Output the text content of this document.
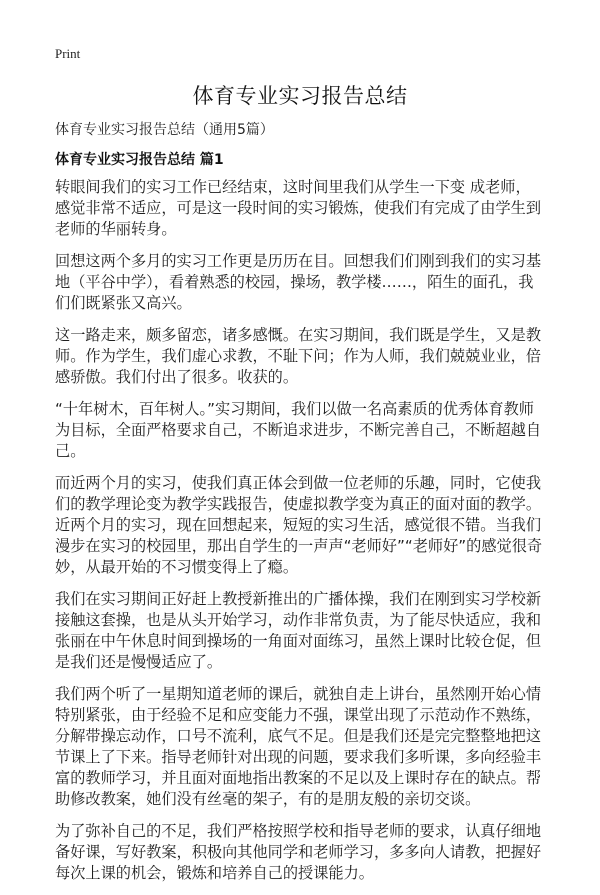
Print
体育专业实习报告总结
体育专业实习报告总结（通用5篇）
体育专业实习报告总结 篇1

转眼间我们的实习工作已经结束，这时间里我们从学生一下变 成老师，感觉非常不适应，可是这一段时间的实习锻炼，使我们有完成了由学生到老师的华丽转身。

回想这两个多月的实习工作更是历历在目。回想我们们刚到我们的实习基地（平谷中学），看着熟悉的校园，操场，教学楼……，陌生的面孔，我们们既紧张又高兴。

这一路走来，颇多留恋，诸多感慨。在实习期间，我们既是学生，又是教师。作为学生，我们虚心求教，不耻下问；作为人师，我们兢兢业业，倍感骄傲。我们付出了很多。收获的。

“十年树木，百年树人。”实习期间，我们以做一名高素质的优秀体育教师为目标，全面严格要求自己，不断追求进步，不断完善自己，不断超越自己。

而近两个月的实习，使我们真正体会到做一位老师的乐趣，同时，它使我们的教学理论变为教学实践报告，使虚拟教学变为真正的面对面的教学。近两个月的实习，现在回想起来，短短的实习生活，感觉很不错。当我们漫步在实习的校园里，那出自学生的一声声“老师好”“老师好”的感觉很奇妙，从最开始的不习惯变得上了瘾。

我们在实习期间正好赶上教授新推出的广播体操，我们在刚到实习学校新接触这套操，也是从头开始学习，动作非常负责，为了能尽快适应，我和张丽在中午休息时间到操场的一角面对面练习，虽然上课时比较仓促，但是我们还是慢慢适应了。

我们两个听了一星期知道老师的课后，就独自走上讲台，虽然刚开始心情特别紧张，由于经验不足和应变能力不强，课堂出现了示范动作不熟练，分解带操忘动作，口号不流利，底气不足。但是我们还是完完整整地把这节课上了下来。指导老师针对出现的问题，要求我们多听课，多向经验丰富的教师学习，并且面对面地指出教案的不足以及上课时存在的缺点。帮助修改教案，她们没有丝毫的架子，有的是朋友般的亲切交谈。

为了弥补自己的不足，我们严格按照学校和指导老师的要求，认真仔细地备好课，写好教案，积极向其他同学和老师学习，多多向人请教，把握好每次上课的机会，锻炼和培养自己的授课能力。
